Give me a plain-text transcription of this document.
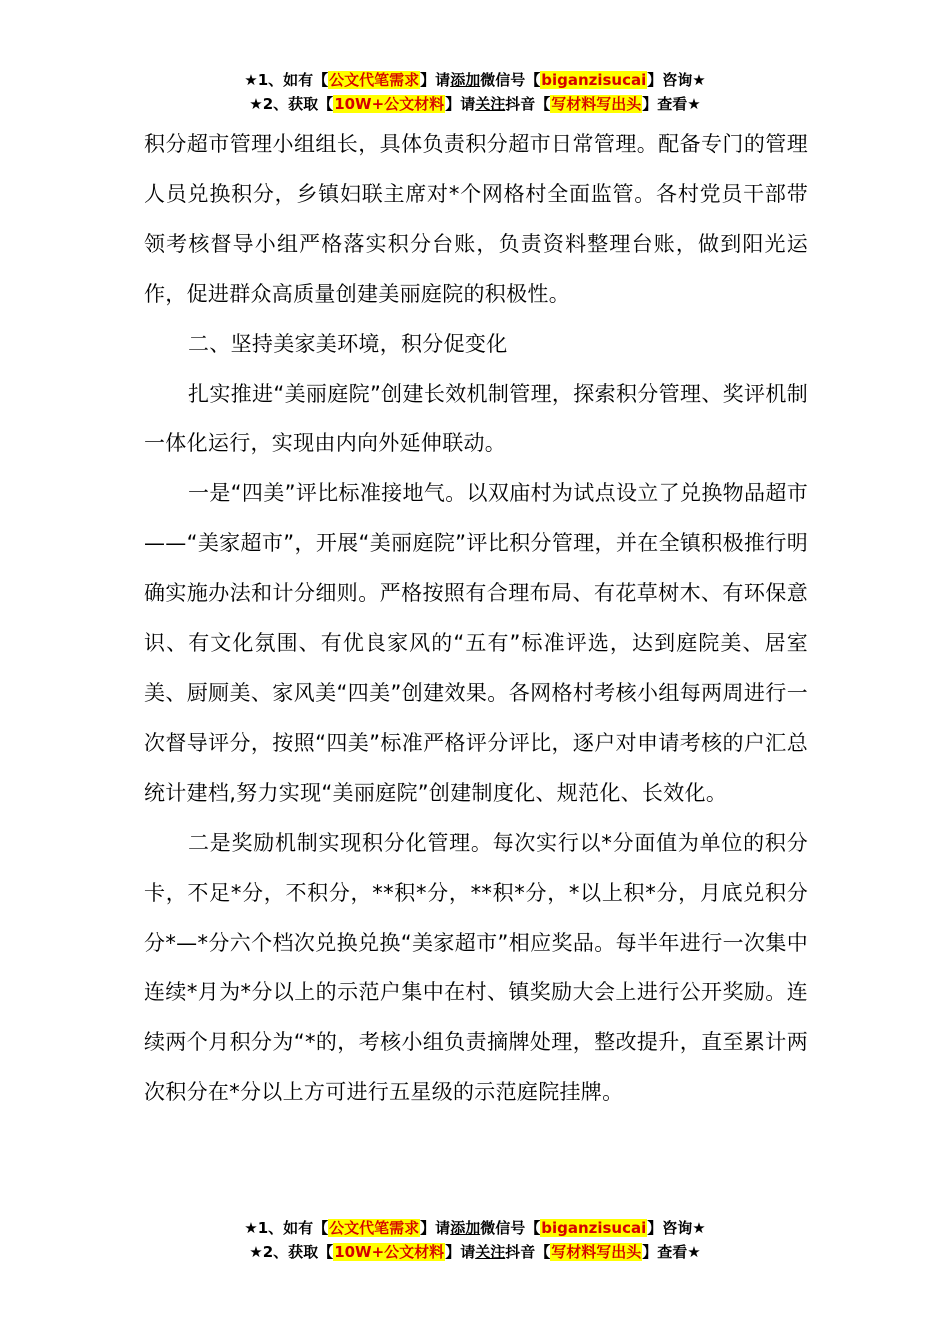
★1、如有【公文代笔需求】请添加微信号【biganzisucai】咨询★
★2、获取【10W+公文材料】请关注抖音【写材料写出头】查看★

积分超市管理小组组长，具体负责积分超市日常管理。配备专门的管理人员兑换积分，乡镇妇联主席对*个网格村全面监管。各村党员干部带领考核督导小组严格落实积分台账，负责资料整理台账，做到阳光运作，促进群众高质量创建美丽庭院的积极性。

二、坚持美家美环境，积分促变化

扎实推进“美丽庭院”创建长效机制管理，探索积分管理、奖评机制一体化运行，实现由内向外延伸联动。

一是“四美”评比标准接地气。以双庙村为试点设立了兑换物品超市——“美家超市”，开展“美丽庭院”评比积分管理，并在全镇积极推行明确实施办法和计分细则。严格按照有合理布局、有花草树木、有环保意识、有文化氛围、有优良家风的“五有”标准评选，达到庭院美、居室美、厨厕美、家风美“四美”创建效果。各网格村考核小组每两周进行一次督导评分，按照“四美”标准严格评分评比，逐户对申请考核的户汇总统计建档,努力实现“美丽庭院”创建制度化、规范化、长效化。

二是奖励机制实现积分化管理。每次实行以*分面值为单位的积分卡，不足*分，不积分，**积*分，**积*分，*以上积*分，月底兑积分分*—*分六个档次兑换兑换“美家超市”相应奖品。每半年进行一次集中连续*月为*分以上的示范户集中在村、镇奖励大会上进行公开奖励。连续两个月积分为“*的，考核小组负责摘牌处理，整改提升，直至累计两次积分在*分以上方可进行五星级的示范庭院挂牌。

★1、如有【公文代笔需求】请添加微信号【biganzisucai】咨询★
★2、获取【10W+公文材料】请关注抖音【写材料写出头】查看★
